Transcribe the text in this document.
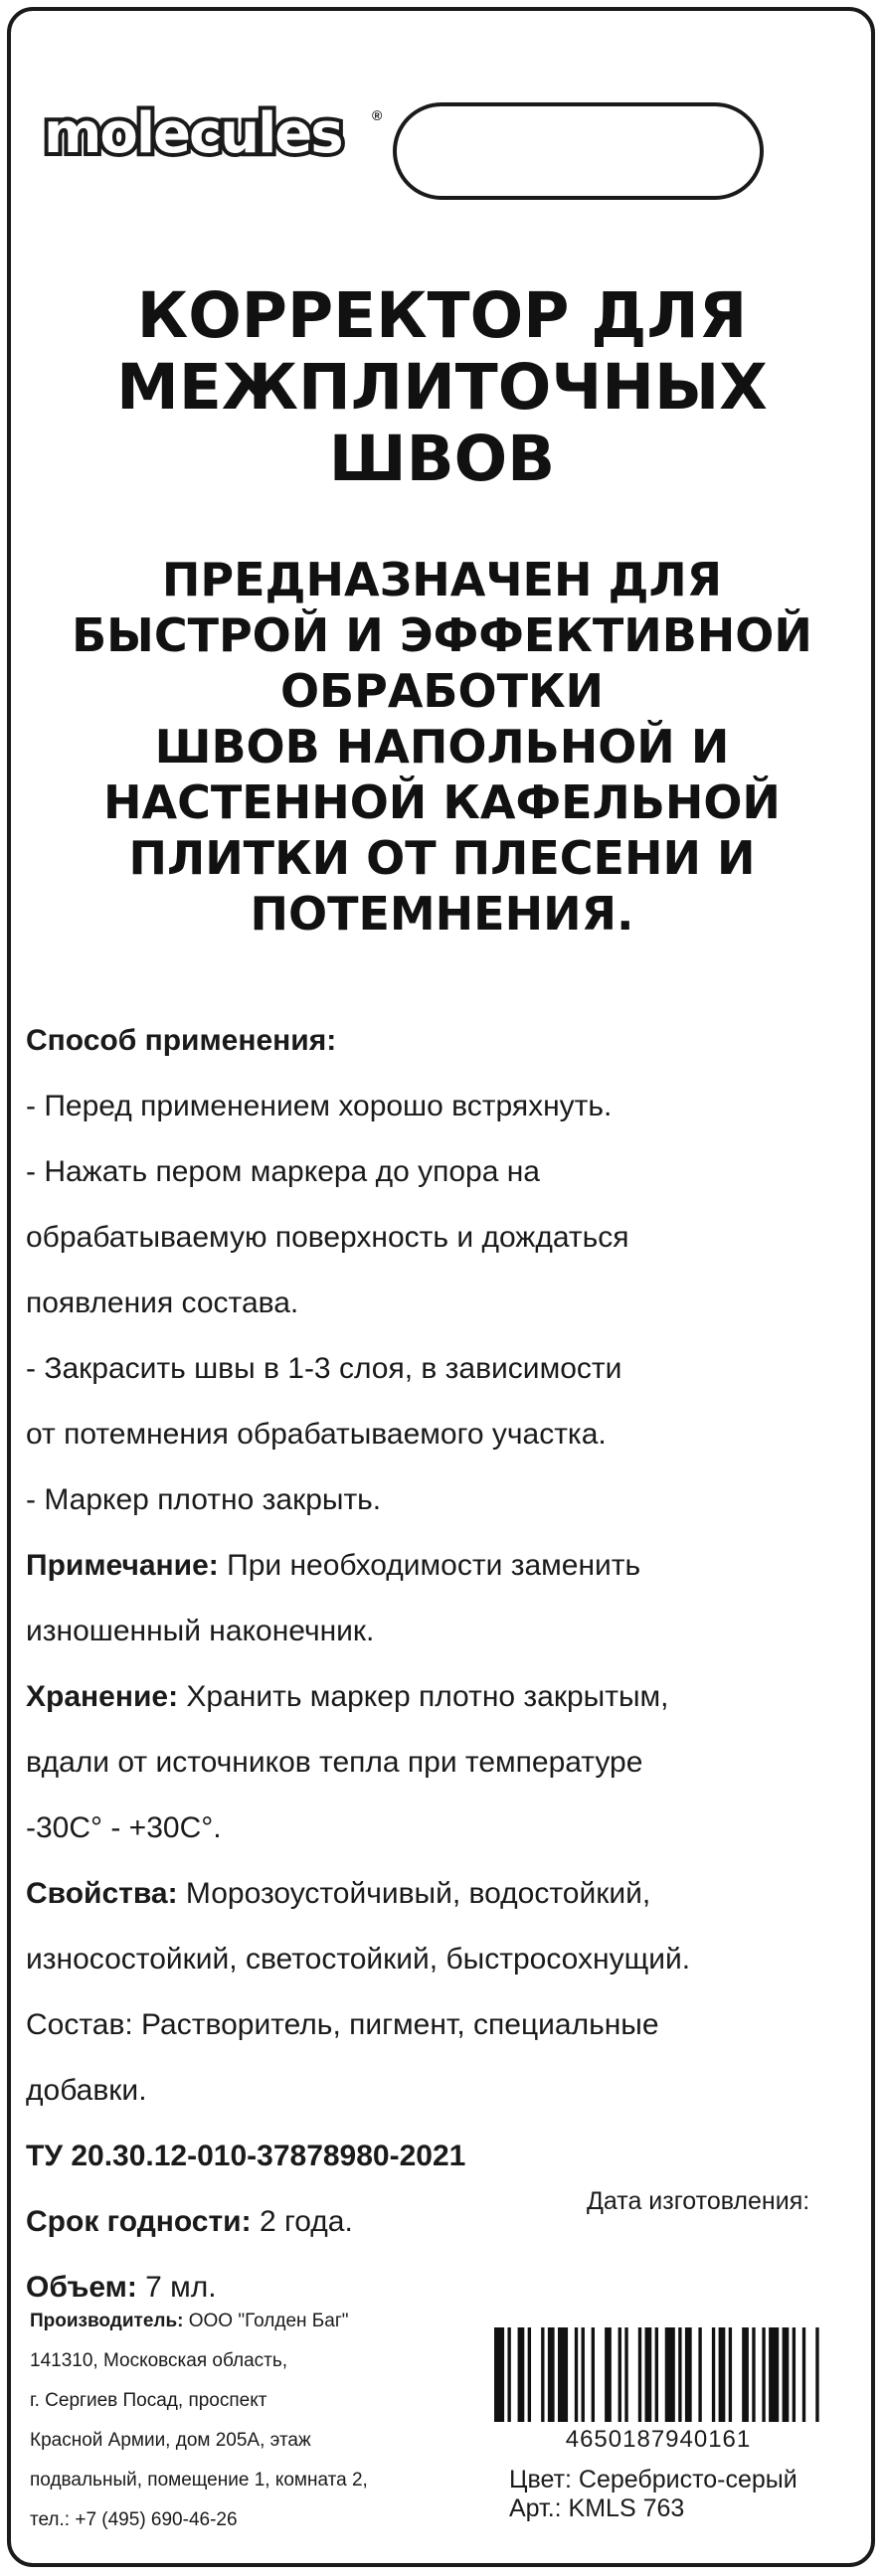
molecules ®
КОРРЕКТОР ДЛЯ
МЕЖПЛИТОЧНЫХ
ШВОВ
ПРЕДНАЗНАЧЕН ДЛЯ
БЫСТРОЙ И ЭФФЕКТИВНОЙ
ОБРАБОТКИ
ШВОВ НАПОЛЬНОЙ И
НАСТЕННОЙ КАФЕЛЬНОЙ
ПЛИТКИ ОТ ПЛЕСЕНИ И
ПОТЕМНЕНИЯ.
Способ применения:
- Перед применением хорошо встряхнуть.
- Нажать пером маркера до упора на
обрабатываемую поверхность и дождаться
появления состава.
- Закрасить швы в 1-3 слоя, в зависимости
от потемнения обрабатываемого участка.
- Маркер плотно закрыть.
Примечание: При необходимости заменить
изношенный наконечник.
Хранение: Хранить маркер плотно закрытым,
вдали от источников тепла при температуре
-30С° - +30С°.
Свойства: Морозоустойчивый, водостойкий,
износостойкий, светостойкий, быстросохнущий.
Состав: Растворитель, пигмент, специальные
добавки.
ТУ 20.30.12-010-37878980-2021
Срок годности: 2 года.
Объем: 7 мл.
Дата изготовления:
Производитель: ООО "Голден Баг"
141310, Московская область,
г. Сергиев Посад, проспект
Красной Армии, дом 205А, этаж
подвальный, помещение 1, комната 2,
тел.: +7 (495) 690-46-26
4650187940161
Цвет: Серебристо-серый
Арт.: KMLS 763
